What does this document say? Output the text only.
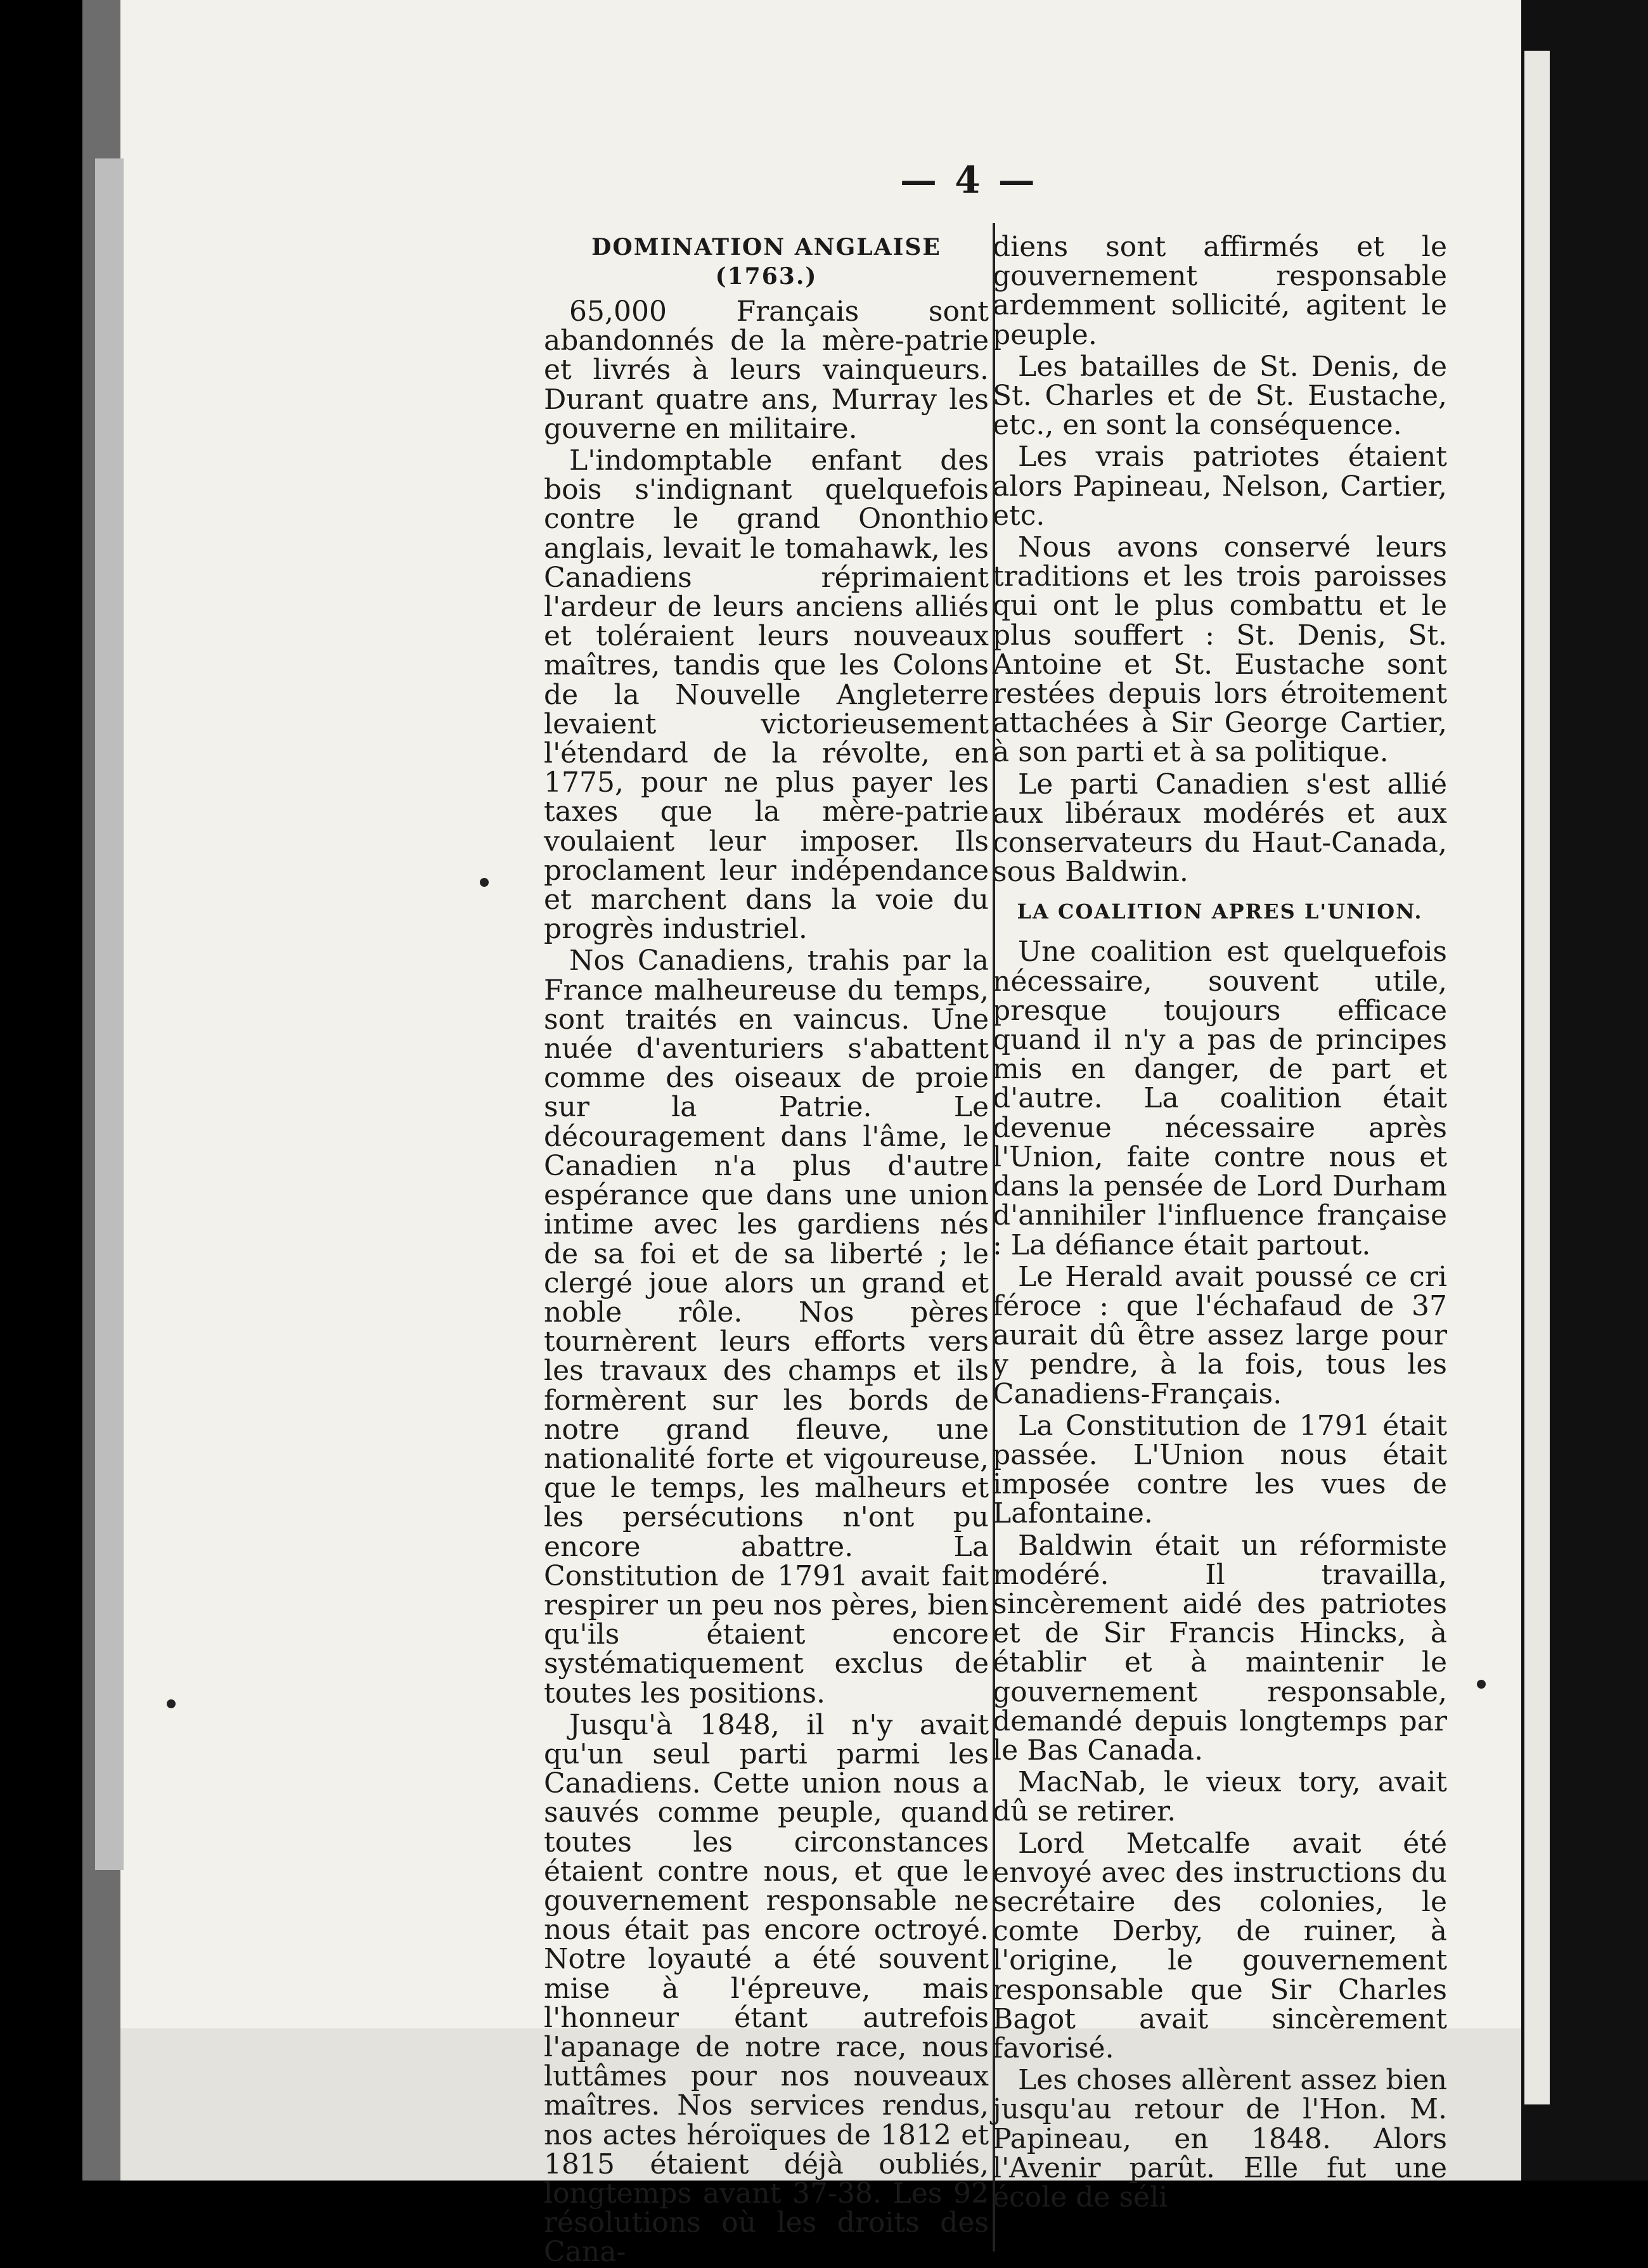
— 4 —
DOMINATION ANGLAISE (1763.)

65,000 Français sont abandonnés de la mère-patrie et livrés à leurs vainqueurs. Durant quatre ans, Murray les gouverne en militaire.

L'indomptable enfant des bois s'indignant quelquefois contre le grand Ononthio anglais, levait le tomahawk, les Canadiens réprimaient l'ardeur de leurs anciens alliés et toléraient leurs nouveaux maîtres, tandis que les Colons de la Nouvelle Angleterre levaient victorieusement l'étendard de la révolte, en 1775, pour ne plus payer les taxes que la mère-patrie voulaient leur imposer. Ils proclament leur indépendance et marchent dans la voie du progrès industriel.

Nos Canadiens, trahis par la France malheureuse du temps, sont traités en vaincus. Une nuée d'aventuriers s'abattent comme des oiseaux de proie sur la Patrie. Le découragement dans l'âme, le Canadien n'a plus d'autre espérance que dans une union intime avec les gardiens nés de sa foi et de sa liberté ; le clergé joue alors un grand et noble rôle. Nos pères tournèrent leurs efforts vers les travaux des champs et ils formèrent sur les bords de notre grand fleuve, une nationalité forte et vigoureuse, que le temps, les malheurs et les persécutions n'ont pu encore abattre. La Constitution de 1791 avait fait respirer un peu nos pères, bien qu'ils étaient encore systématiquement exclus de toutes les positions.

Jusqu'à 1848, il n'y avait qu'un seul parti parmi les Canadiens. Cette union nous a sauvés comme peuple, quand toutes les circonstances étaient contre nous, et que le gouvernement responsable ne nous était pas encore octroyé. Notre loyauté a été souvent mise à l'épreuve, mais l'honneur étant autrefois l'apanage de notre race, nous luttâmes pour nos nouveaux maîtres. Nos services rendus, nos actes héroïques de 1812 et 1815 étaient déjà oubliés, longtemps avant 37-38. Les 92 résolutions où les droits des Cana-

diens sont affirmés et le gouvernement responsable ardemment sollicité, agitent le peuple.

Les batailles de St. Denis, de St. Charles et de St. Eustache, etc., en sont la conséquence.

Les vrais patriotes étaient alors Papineau, Nelson, Cartier, etc.

Nous avons conservé leurs traditions et les trois paroisses qui ont le plus combattu et le plus souffert : St. Denis, St. Antoine et St. Eustache sont restées depuis lors étroitement attachées à Sir George Cartier, à son parti et à sa politique.

Le parti Canadien s'est allié aux libéraux modérés et aux conservateurs du Haut-Canada, sous Baldwin.

LA COALITION APRES L'UNION.

Une coalition est quelquefois nécessaire, souvent utile, presque toujours efficace quand il n'y a pas de principes mis en danger, de part et d'autre. La coalition était devenue nécessaire après l'Union, faite contre nous et dans la pensée de Lord Durham d'annihiler l'influence française : La défiance était partout.

Le Herald avait poussé ce cri féroce : que l'échafaud de 37 aurait dû être assez large pour y pendre, à la fois, tous les Canadiens-Français.

La Constitution de 1791 était passée. L'Union nous était imposée contre les vues de Lafontaine.

Baldwin était un réformiste modéré. Il travailla, sincèrement aidé des patriotes et de Sir Francis Hincks, à établir et à maintenir le gouvernement responsable, demandé depuis longtemps par le Bas Canada.

MacNab, le vieux tory, avait dû se retirer.

Lord Metcalfe avait été envoyé avec des instructions du secrétaire des colonies, le comte Derby, de ruiner, à l'origine, le gouvernement responsable que Sir Charles Bagot avait sincèrement favorisé.

Les choses allèrent assez bien jusqu'au retour de l'Hon. M. Papineau, en 1848. Alors l'Avenir parût. Elle fut une école de séli
